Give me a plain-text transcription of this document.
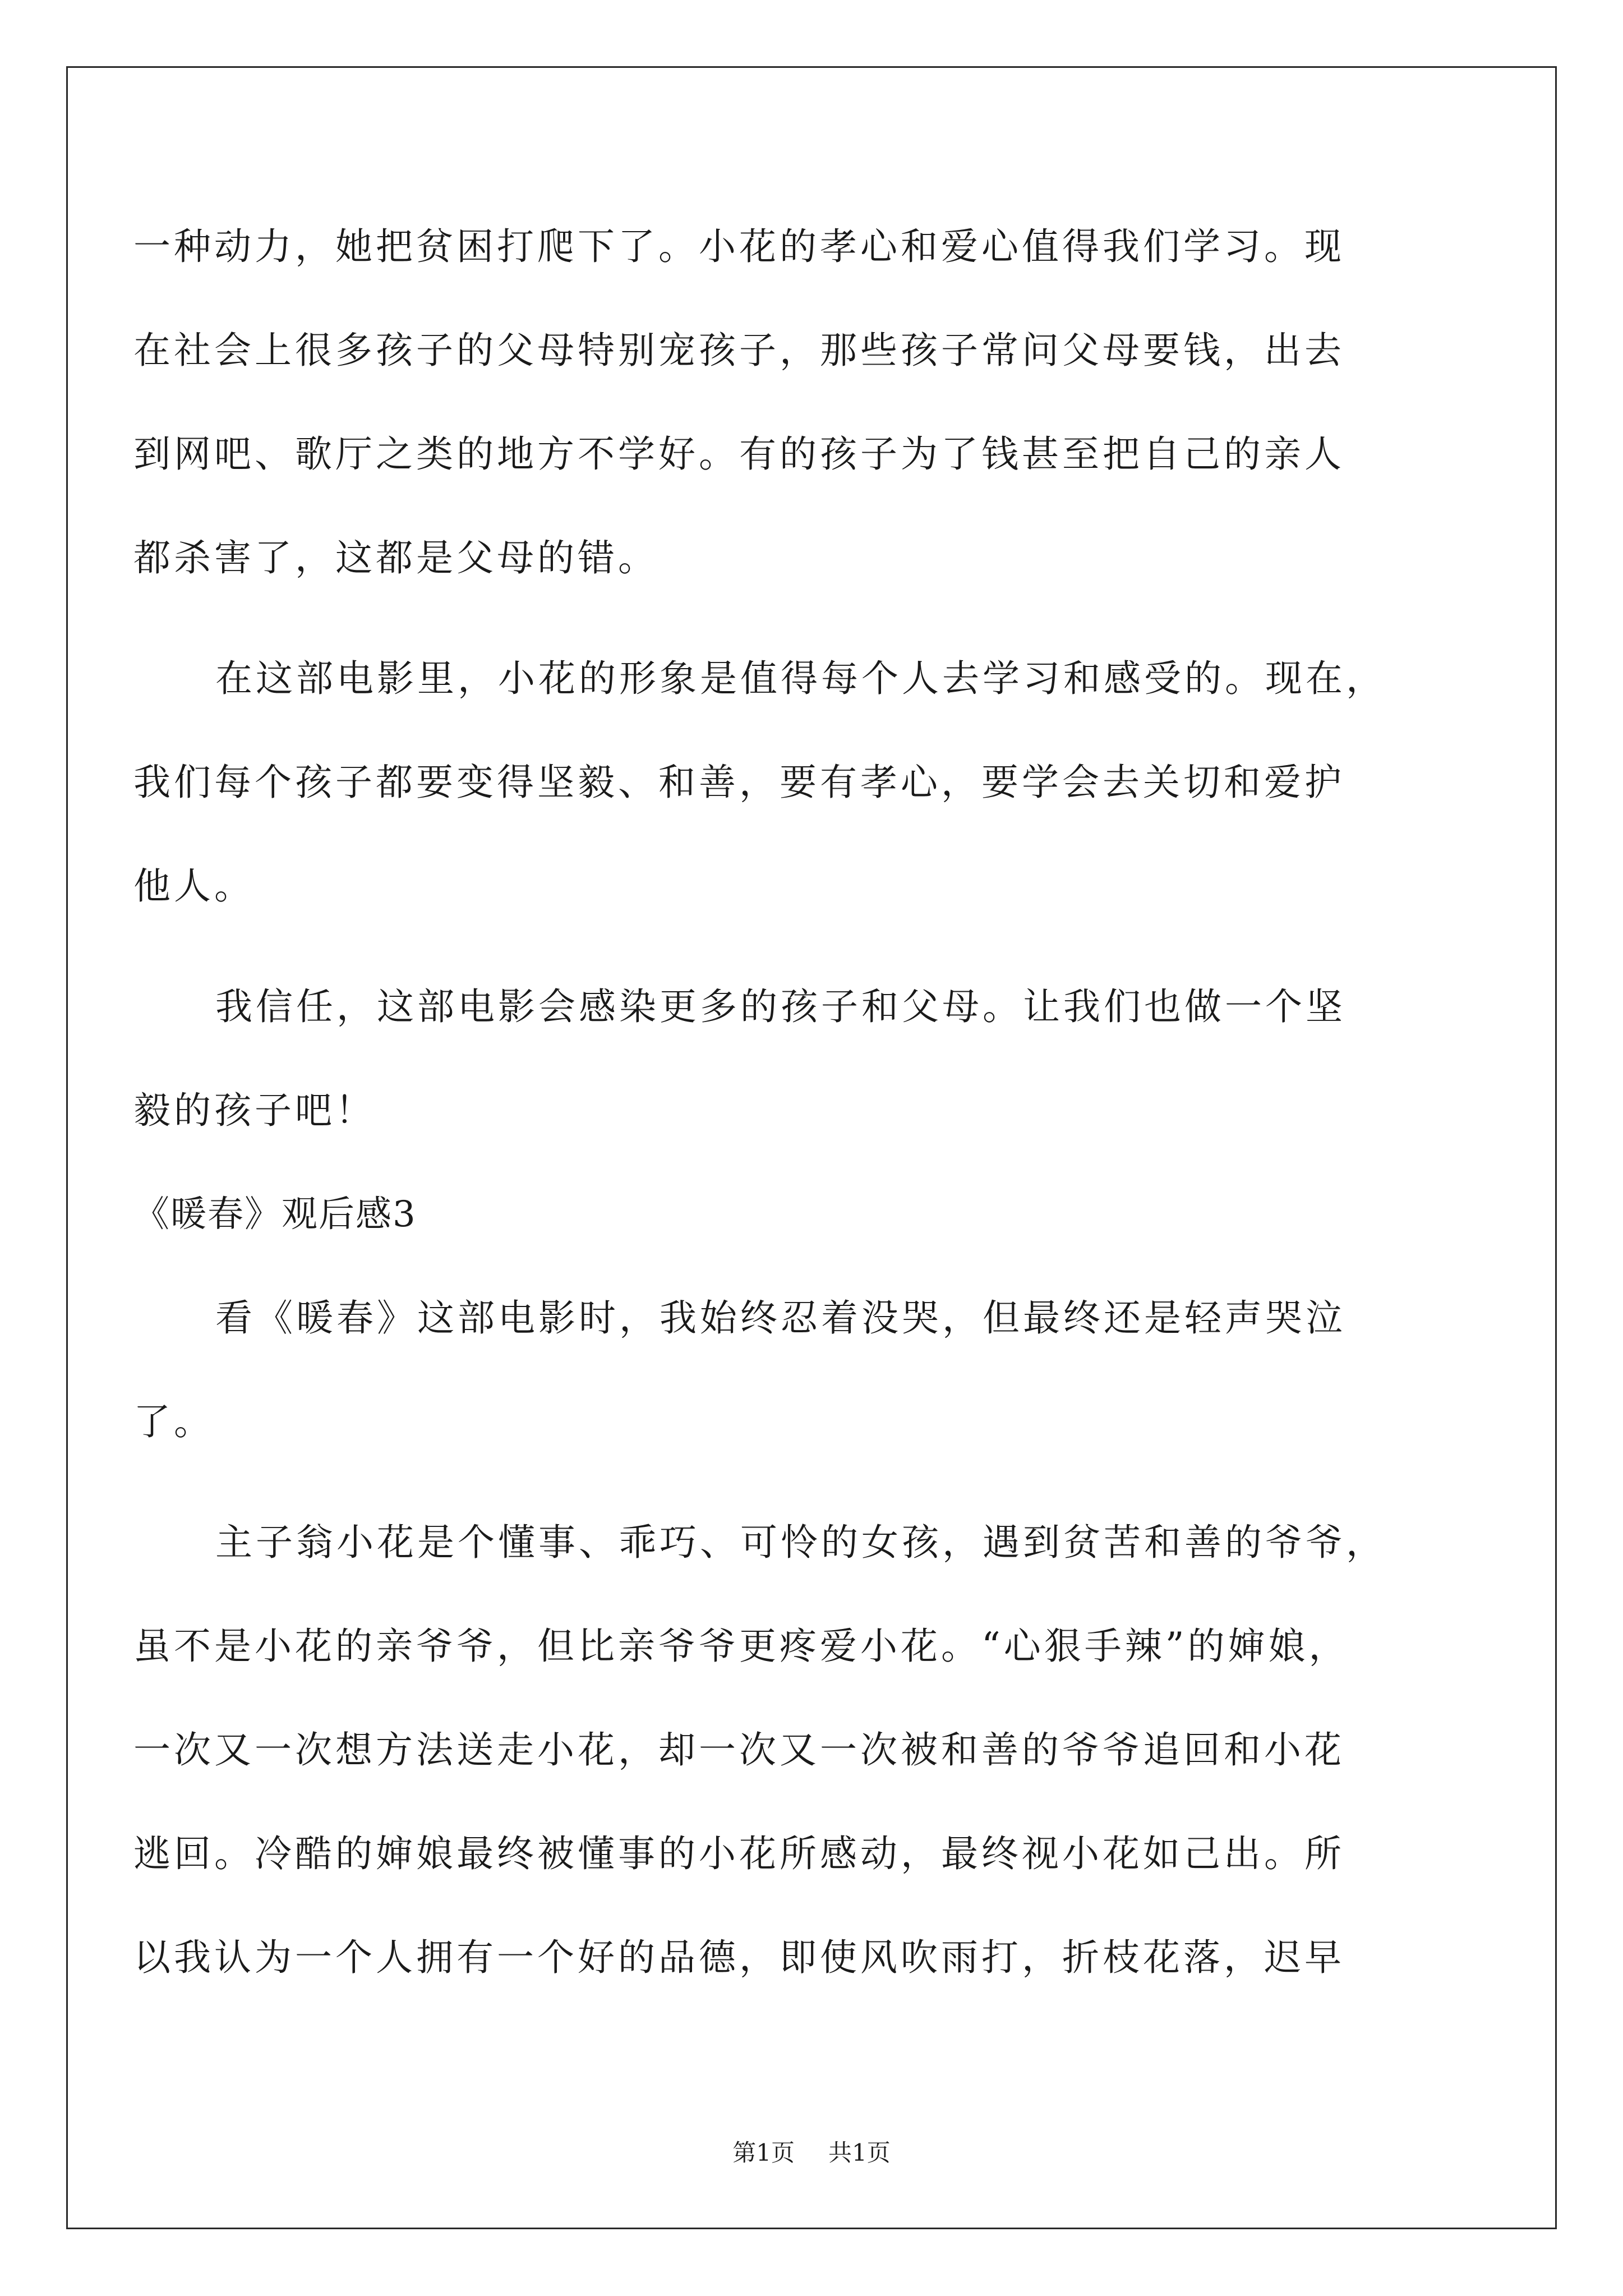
一种动力，她把贫困打爬下了。小花的孝心和爱心值得我们学习。现
在社会上很多孩子的父母特别宠孩子，那些孩子常问父母要钱，出去
到网吧、歌厅之类的地方不学好。有的孩子为了钱甚至把自己的亲人
都杀害了，这都是父母的错。
在这部电影里，小花的形象是值得每个人去学习和感受的。现在，
我们每个孩子都要变得坚毅、和善，要有孝心，要学会去关切和爱护
他人。
我信任，这部电影会感染更多的孩子和父母。让我们也做一个坚
毅的孩子吧！
《暖春》观后感3
看《暖春》这部电影时，我始终忍着没哭，但最终还是轻声哭泣
了。
主子翁小花是个懂事、乖巧、可怜的女孩，遇到贫苦和善的爷爷，
虽不是小花的亲爷爷，但比亲爷爷更疼爱小花。“心狠手辣”的婶娘，
一次又一次想方法送走小花，却一次又一次被和善的爷爷追回和小花
逃回。冷酷的婶娘最终被懂事的小花所感动，最终视小花如己出。所
以我认为一个人拥有一个好的品德，即使风吹雨打，折枝花落，迟早
第1页 共1页
